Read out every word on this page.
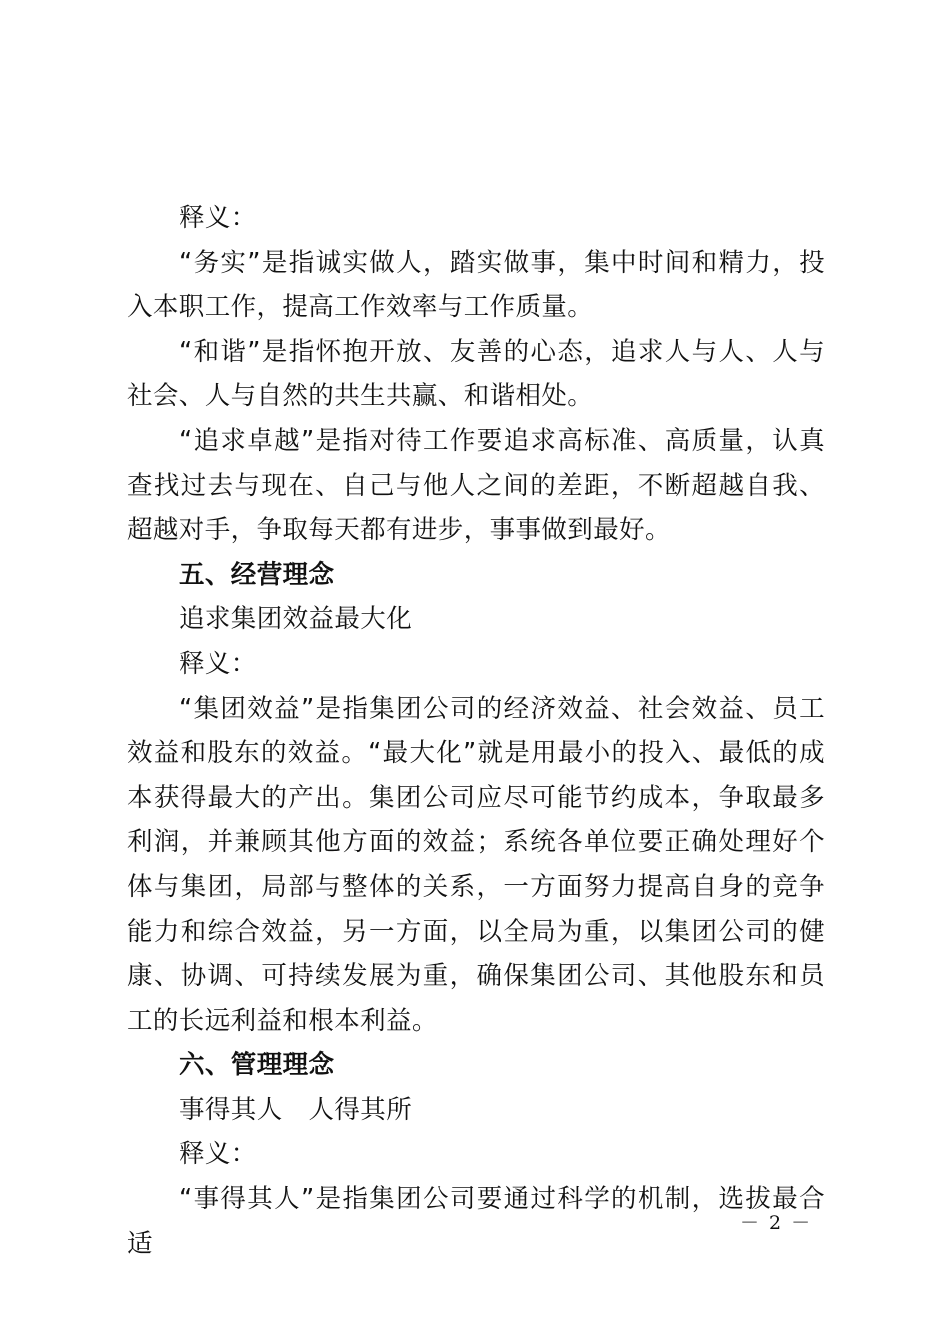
释义：

“务实”是指诚实做人，踏实做事，集中时间和精力，投入本职工作，提高工作效率与工作质量。

“和谐”是指怀抱开放、友善的心态，追求人与人、人与社会、人与自然的共生共赢、和谐相处。

“追求卓越”是指对待工作要追求高标准、高质量，认真查找过去与现在、自己与他人之间的差距，不断超越自我、超越对手，争取每天都有进步，事事做到最好。

五、经营理念

追求集团效益最大化

释义：

“集团效益”是指集团公司的经济效益、社会效益、员工效益和股东的效益。“最大化”就是用最小的投入、最低的成本获得最大的产出。集团公司应尽可能节约成本，争取最多利润，并兼顾其他方面的效益；系统各单位要正确处理好个体与集团，局部与整体的关系，一方面努力提高自身的竞争能力和综合效益，另一方面，以全局为重，以集团公司的健康、协调、可持续发展为重，确保集团公司、其他股东和员工的长远利益和根本利益。

六、管理理念

事得其人　人得其所

释义：

“事得其人”是指集团公司要通过科学的机制，选拔最合适

－ 2 －
